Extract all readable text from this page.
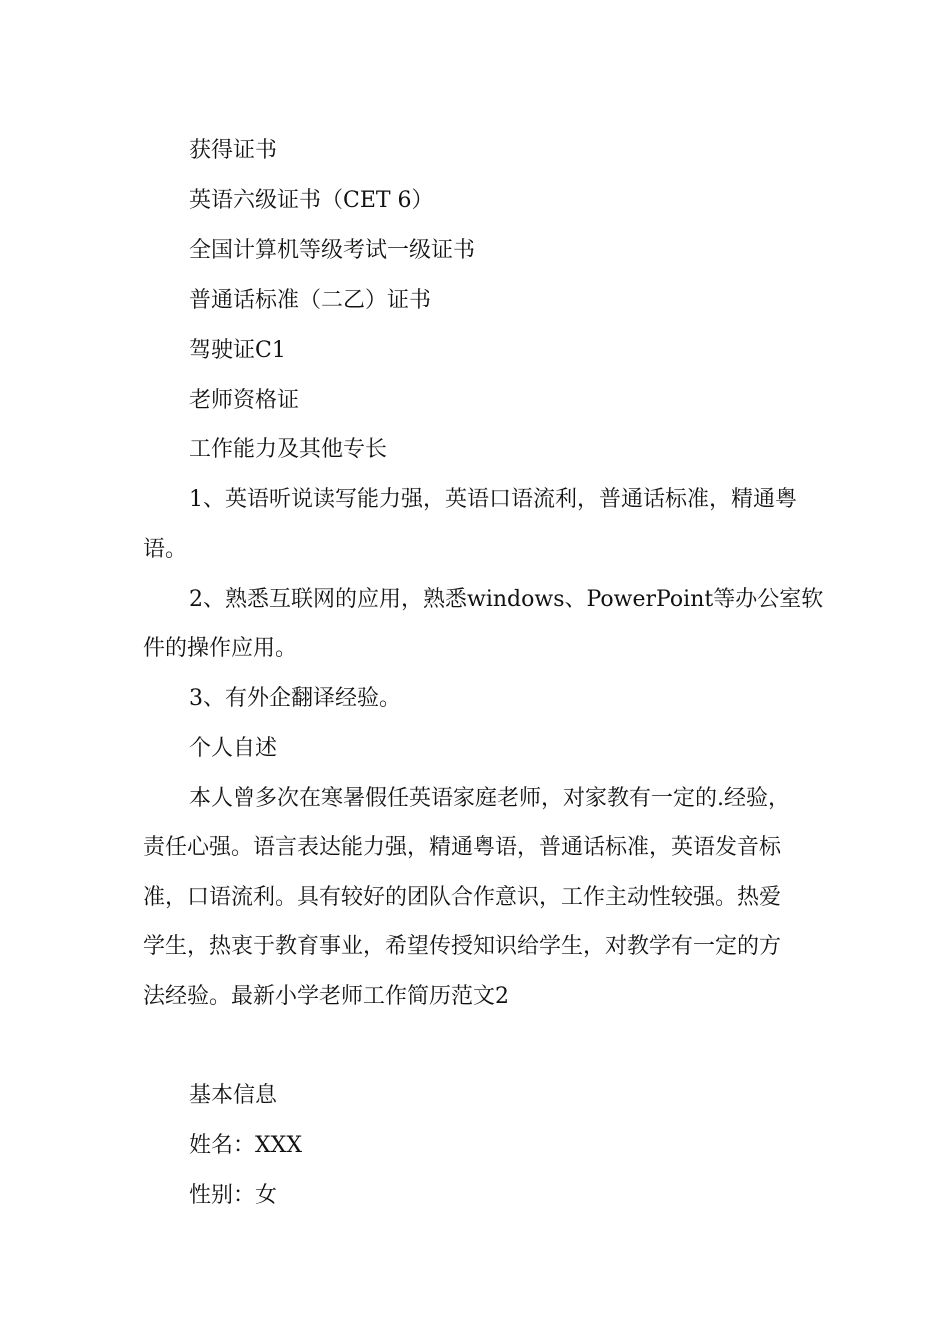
获得证书
英语六级证书（CET 6）
全国计算机等级考试一级证书
普通话标准（二乙）证书
驾驶证C1
老师资格证
工作能力及其他专长
1、英语听说读写能力强，英语口语流利，普通话标准，精通粤
语。
2、熟悉互联网的应用，熟悉windows、PowerPoint等办公室软
件的操作应用。
3、有外企翻译经验。
个人自述
本人曾多次在寒暑假任英语家庭老师，对家教有一定的.经验，
责任心强。语言表达能力强，精通粤语，普通话标准，英语发音标
准，口语流利。具有较好的团队合作意识，工作主动性较强。热爱
学生，热衷于教育事业，希望传授知识给学生，对教学有一定的方
法经验。最新小学老师工作简历范文2
基本信息
姓名：XXX
性别：女
